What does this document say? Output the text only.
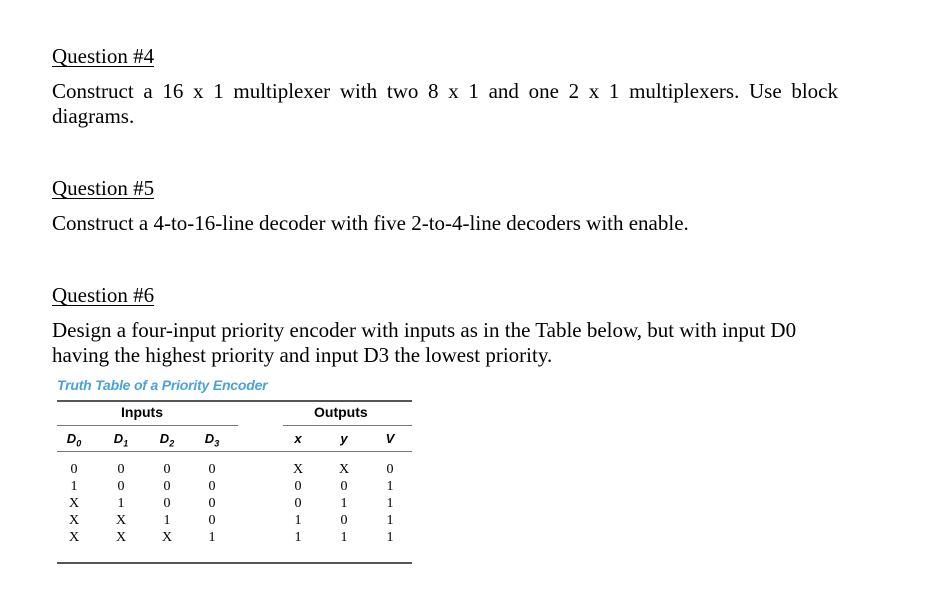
Question #4
Construct a 16 x 1 multiplexer with two 8 x 1 and one 2 x 1 multiplexers. Use block diagrams.
Question #5
Construct a 4-to-16-line decoder with five 2-to-4-line decoders with enable.
Question #6
Design a four-input priority encoder with inputs as in the Table below, but with input D0 having the highest priority and input D3 the lowest priority.
Truth Table of a Priority Encoder
Inputs	Outputs
$D_0$	$D_1$ $D_2$ $D_3$	x	y	V
0	0	0	0	X	X	0
1	0	0	0	0	0	1
X	1	0	0	0	1	1
X	X	1	0	1	0	1
X	X	X	1	1	1	1
